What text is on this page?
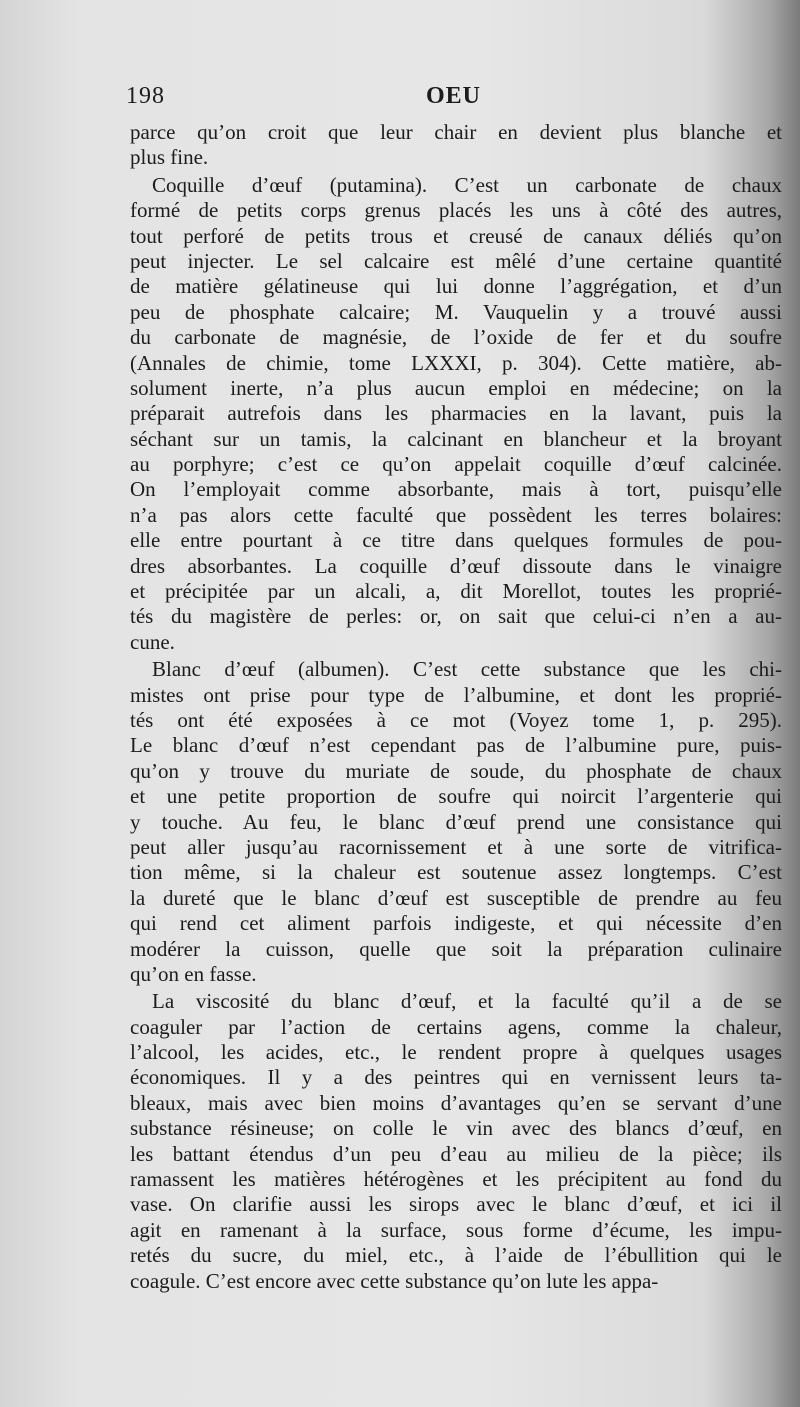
198	OEU
parce qu’on croit que leur chair en devient plus blanche et
plus fine.
Coquille d’œuf (putamina). C’est un carbonate de chaux
formé de petits corps grenus placés les uns à côté des autres,
tout perforé de petits trous et creusé de canaux déliés qu’on
peut injecter. Le sel calcaire est mêlé d’une certaine quantité
de matière gélatineuse qui lui donne l’aggrégation, et d’un
peu de phosphate calcaire; M. Vauquelin y a trouvé aussi
du carbonate de magnésie, de l’oxide de fer et du soufre
(Annales de chimie, tome LXXXI, p. 304). Cette matière, ab-
solument inerte, n’a plus aucun emploi en médecine; on la
préparait autrefois dans les pharmacies en la lavant, puis la
séchant sur un tamis, la calcinant en blancheur et la broyant
au porphyre; c’est ce qu’on appelait coquille d’œuf calcinée.
On l’employait comme absorbante, mais à tort, puisqu’elle
n’a pas alors cette faculté que possèdent les terres bolaires:
elle entre pourtant à ce titre dans quelques formules de pou-
dres absorbantes. La coquille d’œuf dissoute dans le vinaigre
et précipitée par un alcali, a, dit Morellot, toutes les proprié-
tés du magistère de perles: or, on sait que celui-ci n’en a au-
cune.
Blanc d’œuf (albumen). C’est cette substance que les chi-
mistes ont prise pour type de l’albumine, et dont les proprié-
tés ont été exposées à ce mot (Voyez tome 1, p. 295).
Le blanc d’œuf n’est cependant pas de l’albumine pure, puis-
qu’on y trouve du muriate de soude, du phosphate de chaux
et une petite proportion de soufre qui noircit l’argenterie qui
y touche. Au feu, le blanc d’œuf prend une consistance qui
peut aller jusqu’au racornissement et à une sorte de vitrifica-
tion même, si la chaleur est soutenue assez longtemps. C’est
la dureté que le blanc d’œuf est susceptible de prendre au feu
qui rend cet aliment parfois indigeste, et qui nécessite d’en
modérer la cuisson, quelle que soit la préparation culinaire
qu’on en fasse.
La viscosité du blanc d’œuf, et la faculté qu’il a de se
coaguler par l’action de certains agens, comme la chaleur,
l’alcool, les acides, etc., le rendent propre à quelques usages
économiques. Il y a des peintres qui en vernissent leurs ta-
bleaux, mais avec bien moins d’avantages qu’en se servant d’une
substance résineuse; on colle le vin avec des blancs d’œuf, en
les battant étendus d’un peu d’eau au milieu de la pièce; ils
ramassent les matières hétérogènes et les précipitent au fond du
vase. On clarifie aussi les sirops avec le blanc d’œuf, et ici il
agit en ramenant à la surface, sous forme d’écume, les impu-
retés du sucre, du miel, etc., à l’aide de l’ébullition qui le
coagule. C’est encore avec cette substance qu’on lute les appa-
